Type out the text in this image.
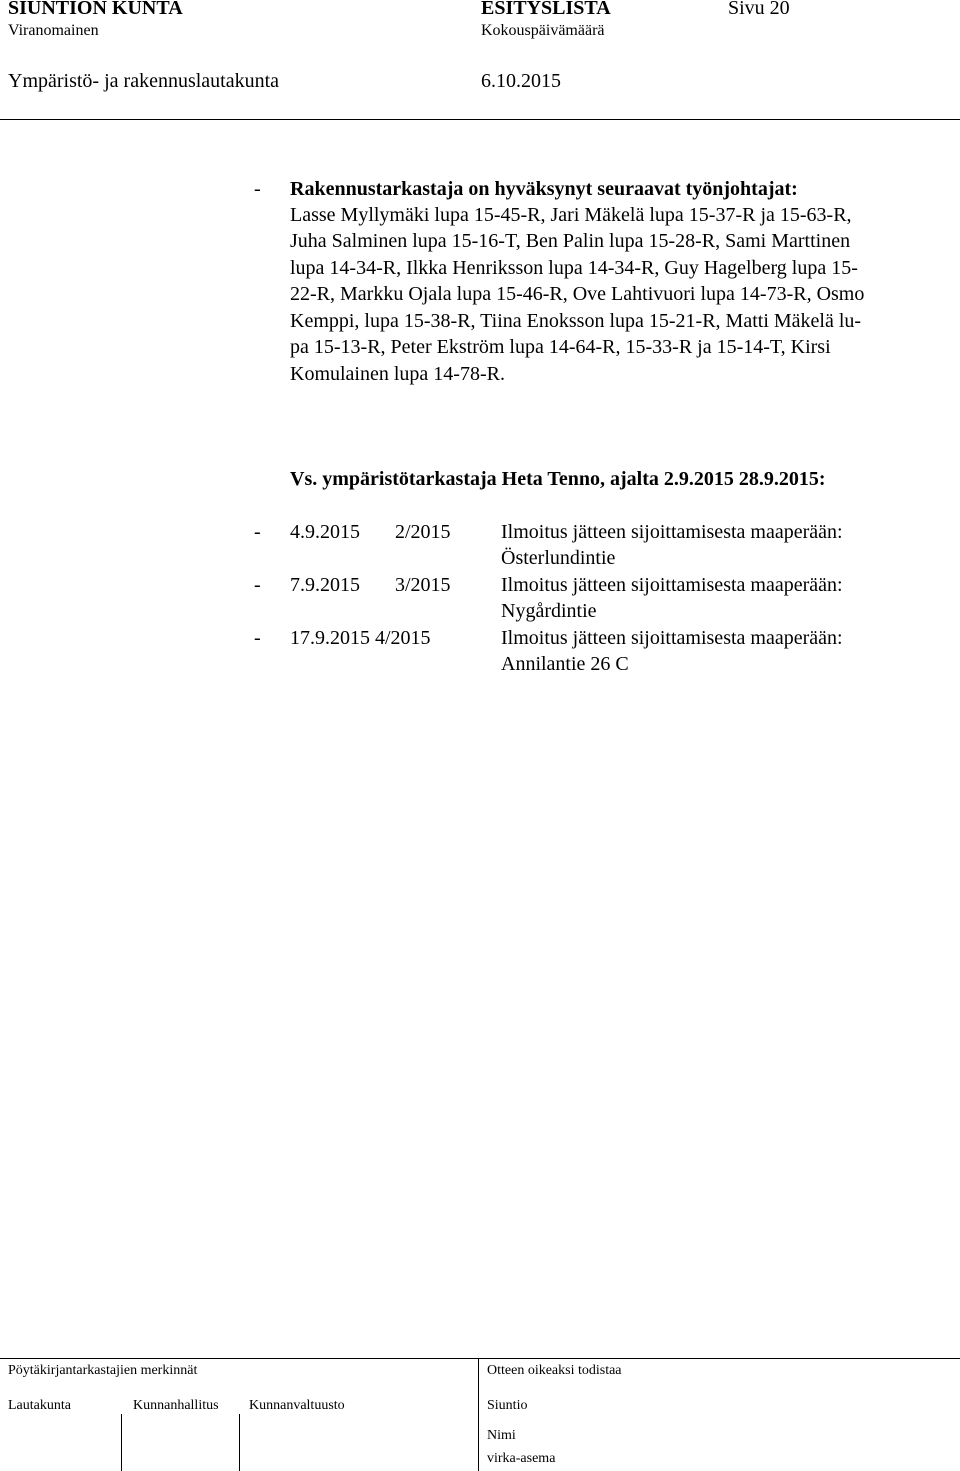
SIUNTION KUNTA
Viranomainen
ESITYSLISTA
Kokouspäivämäärä
Sivu 20
Ympäristö- ja rakennuslautakunta	6.10.2015
- Rakennustarkastaja on hyväksynyt seuraavat työnjohtajat:
Lasse Myllymäki lupa 15-45-R, Jari Mäkelä lupa 15-37-R ja 15-63-R,
Juha Salminen lupa 15-16-T, Ben Palin lupa 15-28-R, Sami Marttinen
lupa 14-34-R, Ilkka Henriksson lupa 14-34-R, Guy Hagelberg lupa 15-
22-R, Markku Ojala lupa 15-46-R, Ove Lahtivuori lupa 14-73-R, Osmo
Kemppi, lupa 15-38-R, Tiina Enoksson lupa 15-21-R, Matti Mäkelä lu-
pa 15-13-R, Peter Ekström lupa 14-64-R, 15-33-R ja 15-14-T, Kirsi
Komulainen lupa 14-78-R.
Vs. ympäristötarkastaja Heta Tenno, ajalta 2.9.2015 28.9.2015:
- 4.9.2015 2/2015	Ilmoitus jätteen sijoittamisesta maaperään:
Österlundintie
- 7.9.2015 3/2015	Ilmoitus jätteen sijoittamisesta maaperään:
Nygårdintie
- 17.9.2015 4/2015	Ilmoitus jätteen sijoittamisesta maaperään:
Annilantie 26 C
Pöytäkirjantarkastajien merkinnät	Otteen oikeaksi todistaa
Lautakunta	Kunnanhallitus Kunnanvaltuusto	Siuntio
Nimi
virka-asema
